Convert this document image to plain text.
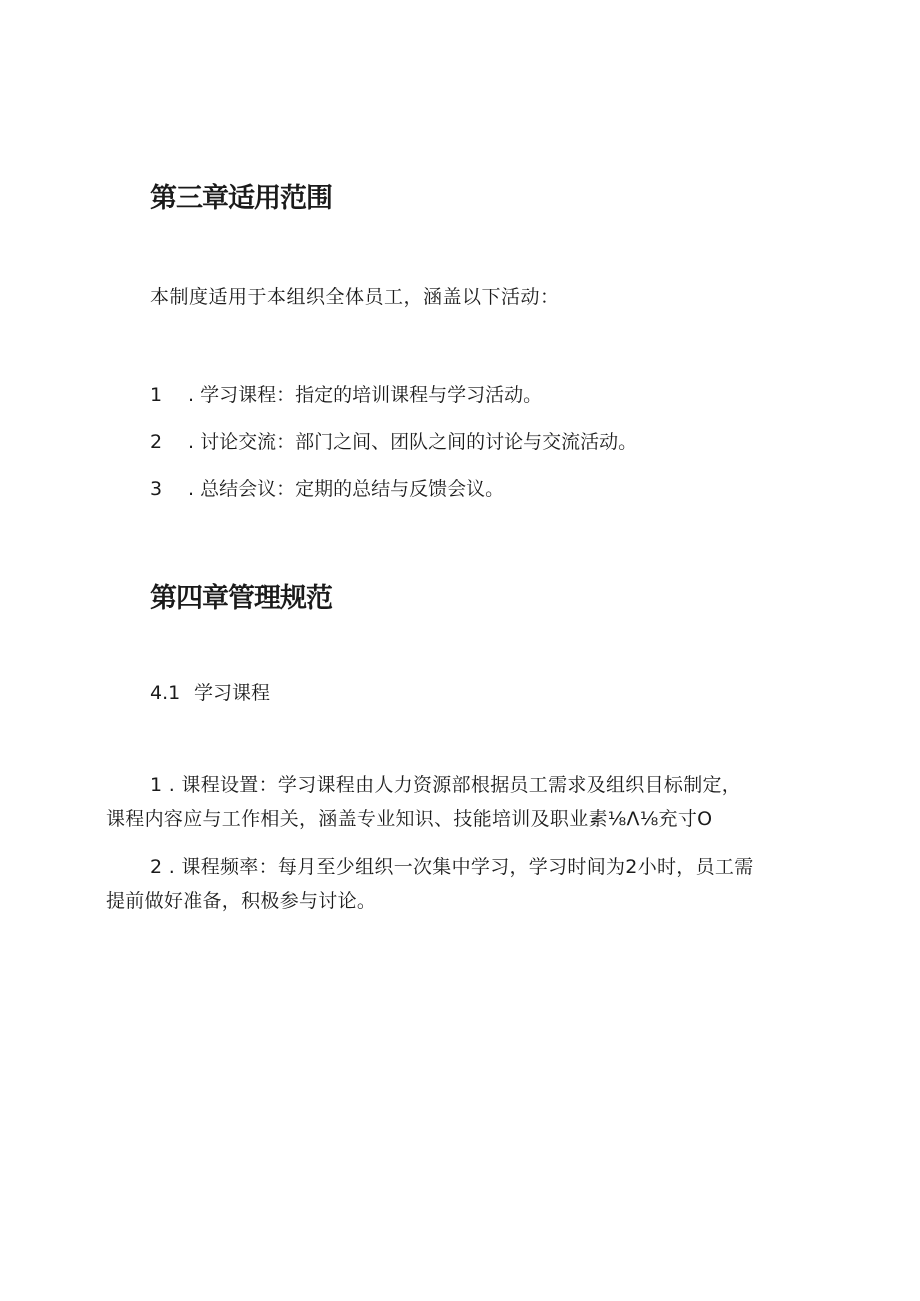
第三章适用范围
本制度适用于本组织全体员工，涵盖以下活动：
1 . 学习课程：指定的培训课程与学习活动。
2 . 讨论交流：部门之间、团队之间的讨论与交流活动。
3 . 总结会议：定期的总结与反馈会议。
第四章管理规范
4.1 学习课程
1 . 课程设置：学习课程由人力资源部根据员工需求及组织目标制定，
课程内容应与工作相关，涵盖专业知识、技能培训及职业素⅛Λ⅛充寸O
2 . 课程频率：每月至少组织一次集中学习，学习时间为2小时，员工需
提前做好准备，积极参与讨论。
